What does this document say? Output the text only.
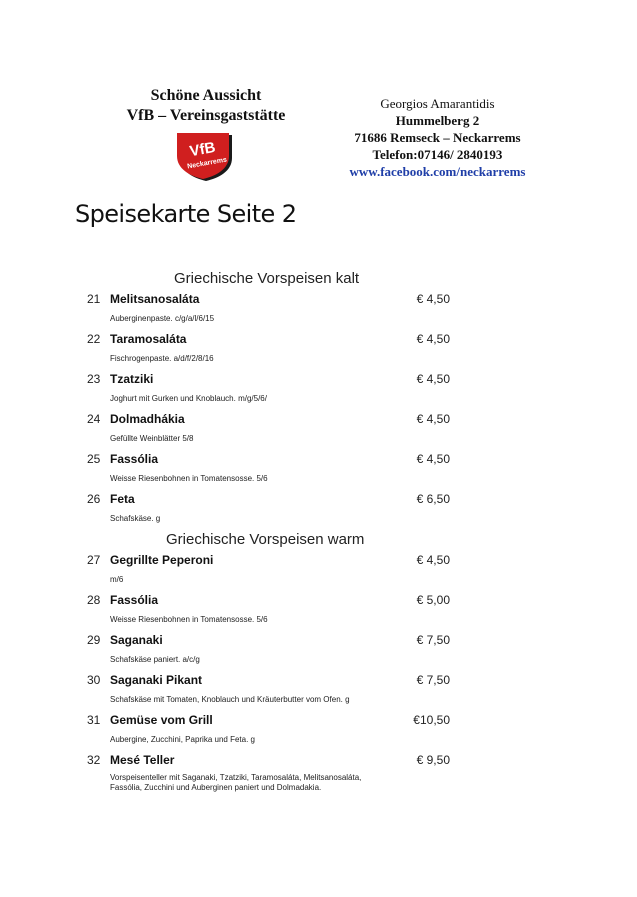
Schöne Aussicht
VfB – Vereinsgaststätte
VfB
Neckarrems
Georgios Amarantidis
Hummelberg 2
71686 Remseck – Neckarrems
Telefon:07146/ 2840193
www.facebook.com/neckarrems
Speisekarte Seite 2
Griechische Vorspeisen kalt
21 Melitsanosaláta	€ 4,50
Auberginenpaste. c/g/a/l/6/15
22 Taramosaláta	€ 4,50
Fischrogenpaste. a/d/f/2/8/16
23 Tzatziki	€ 4,50
Joghurt mit Gurken und Knoblauch. m/g/5/6/
24 Dolmadhákia	€ 4,50
Gefüllte Weinblätter 5/8
25 Fassólia	€ 4,50
Weisse Riesenbohnen in Tomatensosse. 5/6
26 Feta	€ 6,50
Schafskäse. g
Griechische Vorspeisen warm
27 Gegrillte Peperoni	€ 4,50
m/6
28 Fassólia	€ 5,00
Weisse Riesenbohnen in Tomatensosse. 5/6
29 Saganaki	€ 7,50
Schafskäse paniert. a/c/g
30 Saganaki Pikant	€ 7,50
Schafskäse mit Tomaten, Knoblauch und Kräuterbutter vom Ofen. g
31 Gemüse vom Grill	€10,50
Aubergine, Zucchini, Paprika und Feta. g
32 Mesé Teller	€ 9,50
Vorspeisenteller mit Saganaki, Tzatziki, Taramosaláta, Melitsanosaláta, Fassólia, Zucchini und Auberginen paniert und Dolmadakia.
